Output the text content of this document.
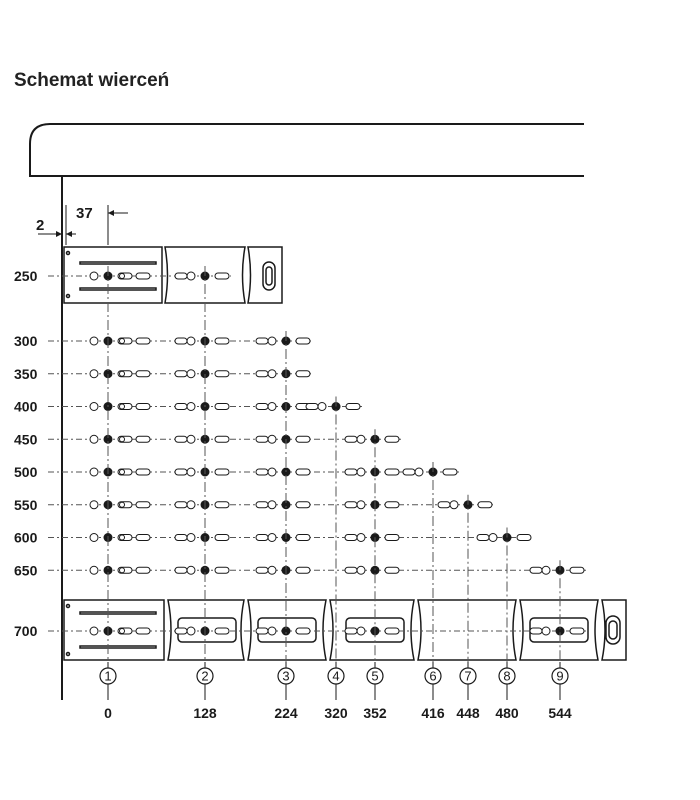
Schemat wierceń
2
37
250
300
350
400
450
500
550
600
650
700
1
0
2
128
3
224
4
320
5
352
6
416
7
448
8
480
9
544
